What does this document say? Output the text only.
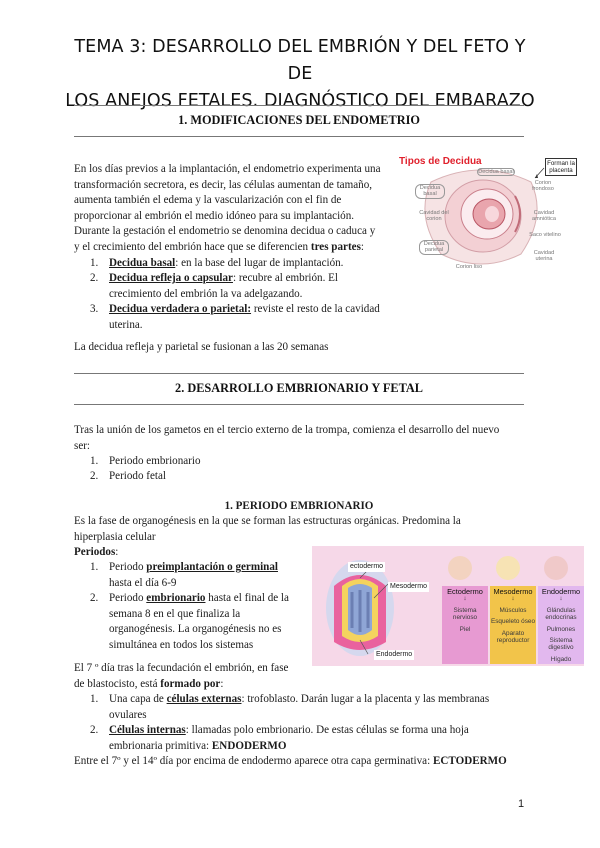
TEMA 3: DESARROLLO DEL EMBRIÓN Y DEL FETO Y DE
LOS ANEJOS FETALES. DIAGNÓSTICO DEL EMBARAZO
1. MODIFICACIONES DEL ENDOMETRIO
En los días previos a la implantación, el endometrio experimenta una
transformación secretora, es decir, las células aumentan de tamaño,
aumenta también el edema y la vascularización con el fin de
proporcionar al embrión el medio idóneo para su implantación.
Durante la gestación el endometrio se denomina decidua o caduca y
y el crecimiento del embrión hace que se diferencien tres partes:
1. Decidua basal: en la base del lugar de implantación.
2. Decidua refleja o capsular: recubre al embrión. El
crecimiento del embrión la va adelgazando.
3. Decidua verdadera o parietal: reviste el resto de la cavidad
uterina.
La decidua refleja y parietal se fusionan a las 20 semanas
Tipos de Decidua	Forman la placenta
Decidua basal
Decidua basal
Cavidad del corion
Decidua parietal
Corion liso
Corion frondoso
Cavidad amniótica
Saco vitelino
Cavidad uterina
2. DESARROLLO EMBRIONARIO Y FETAL
Tras la unión de los gametos en el tercio externo de la trompa, comienza el desarrollo del nuevo
ser:
1. Periodo embrionario
2. Periodo fetal
1. PERIODO EMBRIONARIO
Es la fase de organogénesis en la que se forman las estructuras orgánicas. Predomina la
hiperplasia celular
Periodos:
1. Periodo preimplantación o germinal
hasta el día 6-9
2. Periodo embrionario hasta el final de la
semana 8 en el que finaliza la
organogénesis. La organogénesis no es
simultánea en todos los sistemas
ectodermo
Mesodermo
Endodermo
Ectodermo
↓
Sistema nervioso
Piel
Mesodermo
↓
Músculos
Esqueleto óseo
Aparato reproductor
Endodermo
↓
Glándulas endocrinas
Pulmones
Sistema digestivo
Hígado
El 7 º día tras la fecundación el embrión, en fase
de blastocisto, está formado por:
1. Una capa de células externas: trofoblasto. Darán lugar a la placenta y las membranas
ovulares
2. Células internas: llamadas polo embrionario. De estas células se forma una hoja
embrionaria primitiva: ENDODERMO
Entre el 7º y el 14º día por encima de endodermo aparece otra capa germinativa: ECTODERMO
1
